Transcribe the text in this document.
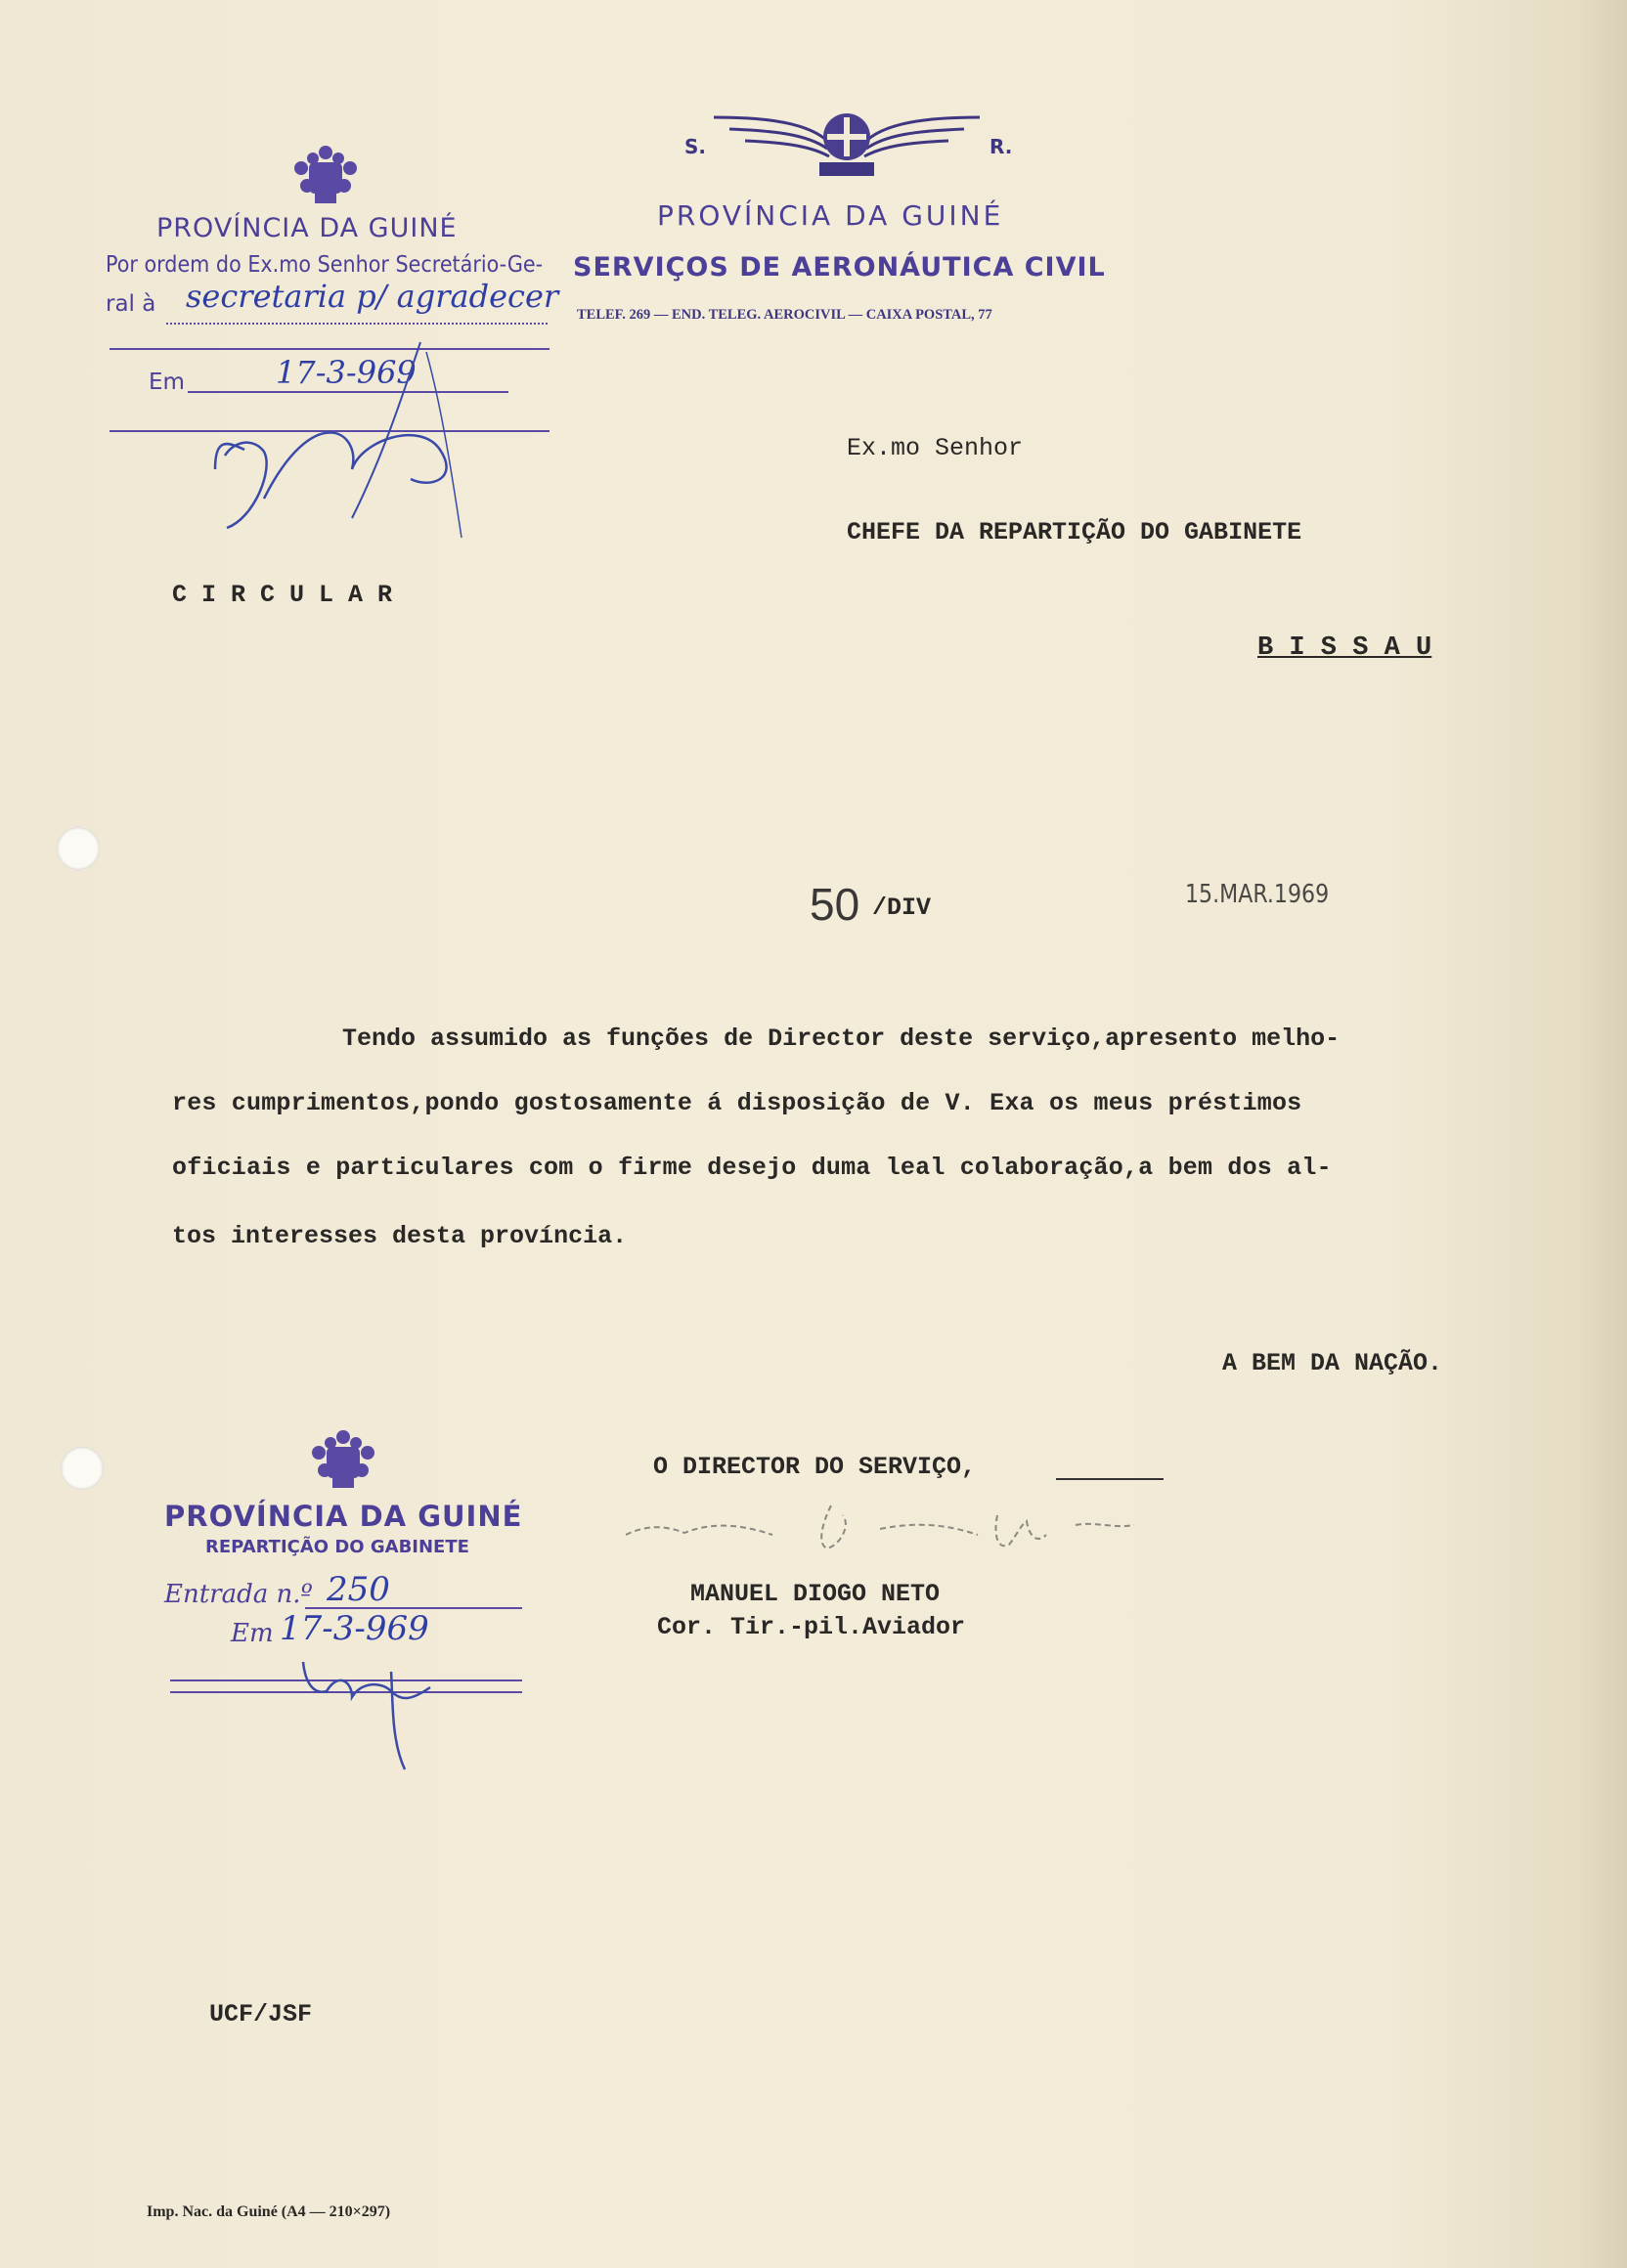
PROVÍNCIA DA GUINÉ
Por ordem do Ex.mo Senhor Secretário-Ge-
ral à secretaria p/ agradecer
Em	17-3-969
S.	R.
PROVÍNCIA DA GUINÉ
SERVIÇOS DE AERONÁUTICA CIVIL
TELEF. 269 — END. TELEG. AEROCIVIL — CAIXA POSTAL, 77
Ex.mo Senhor
CHEFE DA REPARTIÇÃO DO GABINETE
B I S S A U
C I R C U L A R
50 /DIV	15.MAR.1969
Tendo assumido as funções de Director deste serviço,apresento melho-
res cumprimentos,pondo gostosamente á disposição de V. Exa os meus préstimos
oficiais e particulares com o firme desejo duma leal colaboração,a bem dos al-
tos interesses desta província.
A BEM DA NAÇÃO.
O DIRECTOR DO SERVIÇO,
MANUEL DIOGO NETO
Cor. Tir.-pil.Aviador
PROVÍNCIA DA GUINÉ
REPARTIÇÃO DO GABINETE
Entrada n.º 250
Em 17-3-969
UCF/JSF
Imp. Nac. da Guiné (A4 — 210×297)
